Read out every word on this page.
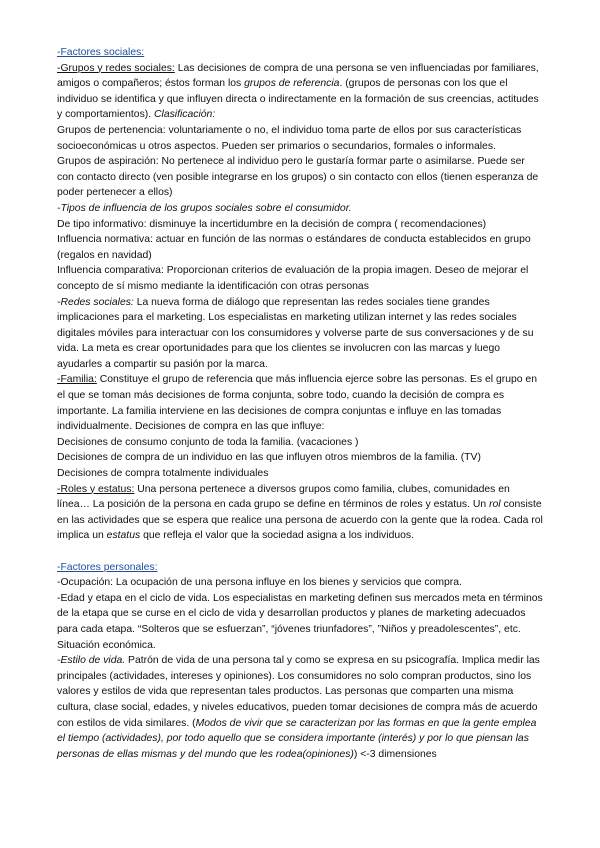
-Factores sociales:

-Grupos y redes sociales: Las decisiones de compra de una persona se ven influenciadas por familiares, amigos o compañeros; éstos forman los grupos de referencia. (grupos de personas con los que el individuo se identifica y que influyen directa o indirectamente en la formación de sus creencias, actitudes y comportamientos). Clasificación:

Grupos de pertenencia: voluntariamente o no, el individuo toma parte de ellos por sus características socioeconómicas u otros aspectos. Pueden ser primarios o secundarios, formales o informales.

Grupos de aspiración: No pertenece al individuo pero le gustaría formar parte o asimilarse. Puede ser con contacto directo (ven posible integrarse en los grupos) o sin contacto con ellos (tienen esperanza de poder pertenecer a ellos)

-Tipos de influencia de los grupos sociales sobre el consumidor.

De tipo informativo: disminuye la incertidumbre en la decisión de compra ( recomendaciones)

Influencia normativa: actuar en función de las normas o estándares de conducta establecidos en grupo (regalos en navidad)

Influencia comparativa: Proporcionan criterios de evaluación de la propia imagen. Deseo de mejorar el concepto de sí mismo mediante la identificación con otras personas

-Redes sociales: La nueva forma de diálogo que representan las redes sociales tiene grandes implicaciones para el marketing. Los especialistas en marketing utilizan internet y las redes sociales digitales móviles para interactuar con los consumidores y volverse parte de sus conversaciones y de su vida. La meta es crear oportunidades para que los clientes se involucren con las marcas y luego ayudarles a compartir su pasión por la marca.

-Familia: Constituye el grupo de referencia que más influencia ejerce sobre las personas. Es el grupo en el que se toman más decisiones de forma conjunta, sobre todo, cuando la decisión de compra es importante. La familia interviene en las decisiones de compra conjuntas e influye en las tomadas individualmente. Decisiones de compra en las que influye:

Decisiones de consumo conjunto de toda la familia. (vacaciones )

Decisiones de compra de un individuo en las que influyen otros miembros de la familia. (TV)

Decisiones de compra totalmente individuales

-Roles y estatus: Una persona pertenece a diversos grupos como familia, clubes, comunidades en línea… La posición de la persona en cada grupo se define en términos de roles y estatus. Un rol consiste en las actividades que se espera que realice una persona de acuerdo con la gente que la rodea. Cada rol implica un estatus que refleja el valor que la sociedad asigna a los individuos.

-Factores personales:

-Ocupación: La ocupación de una persona influye en los bienes y servicios que compra.

-Edad y etapa en el ciclo de vida. Los especialistas en marketing definen sus mercados meta en términos de la etapa que se curse en el ciclo de vida y desarrollan productos y planes de marketing adecuados para cada etapa. “Solteros que se esfuerzan”, “jóvenes triunfadores”, ”Niños y preadolescentes”, etc. Situación económica.

-Estilo de vida. Patrón de vida de una persona tal y como se expresa en su psicografía. Implica medir las principales (actividades, intereses y opiniones). Los consumidores no solo compran productos, sino los valores y estilos de vida que representan tales productos. Las personas que comparten una misma cultura, clase social, edades, y niveles educativos, pueden tomar decisiones de compra más de acuerdo con estilos de vida similares. (Modos de vivir que se caracterizan por las formas en que la gente emplea el tiempo (actividades), por todo aquello que se considera importante (interés) y por lo que piensan las personas de ellas mismas y del mundo que les rodea(opiniones)) <-3 dimensiones
